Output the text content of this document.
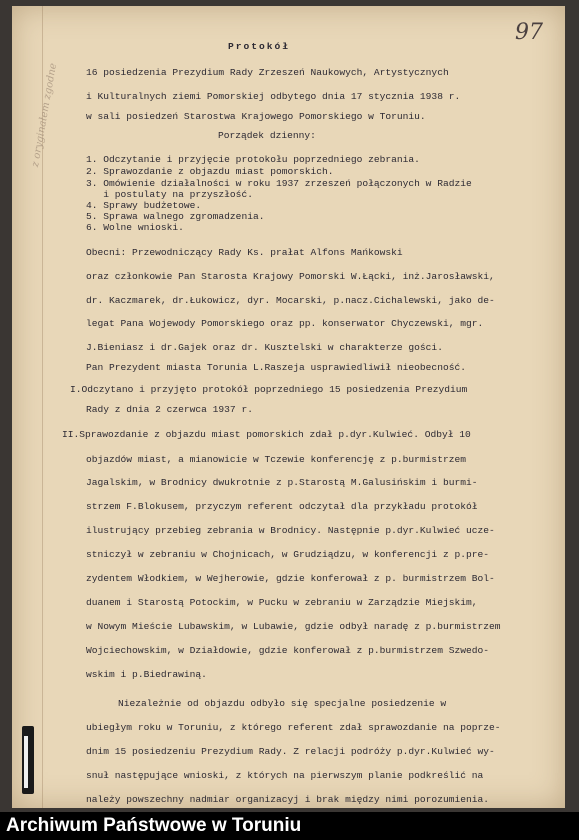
z oryginałem zgodne
97
Protokół
16 posiedzenia Prezydium Rady Zrzeszeń Naukowych, Artystycznych
i Kulturalnych ziemi Pomorskiej odbytego dnia 17 stycznia 1938 r.
w sali posiedzeń Starostwa Krajowego Pomorskiego w Toruniu.
Porządek dzienny:
1. Odczytanie i przyjęcie protokołu poprzedniego zebrania.
2. Sprawozdanie z objazdu miast pomorskich.
3. Omówienie działalności w roku 1937 zrzeszeń połączonych w Radzie
i postulaty na przyszłość.
4. Sprawy budżetowe.
5. Sprawa walnego zgromadzenia.
6. Wolne wnioski.
Obecni: Przewodniczący Rady Ks. prałat Alfons Mańkowski
oraz członkowie Pan Starosta Krajowy Pomorski W.Łącki, inż.Jarosławski,
dr. Kaczmarek, dr.Łukowicz, dyr. Mocarski, p.nacz.Cichalewski, jako de-
legat Pana Wojewody Pomorskiego oraz pp. konserwator Chyczewski, mgr.
J.Bieniasz i dr.Gajek oraz dr. Kusztelski w charakterze gości.
Pan Prezydent miasta Torunia L.Raszeja usprawiedliwił nieobecność.
I.Odczytano i przyjęto protokół poprzedniego 15 posiedzenia Prezydium
Rady z dnia 2 czerwca 1937 r.
II.Sprawozdanie z objazdu miast pomorskich zdał p.dyr.Kulwieć. Odbył 10
objazdów miast, a mianowicie w Tczewie konferencję z p.burmistrzem
Jagalskim, w Brodnicy dwukrotnie z p.Starostą M.Galusińskim i burmi-
strzem F.Blokusem, przyczym referent odczytał dla przykładu protokół
ilustrujący przebieg zebrania w Brodnicy. Następnie p.dyr.Kulwieć ucze-
stniczył w zebraniu w Chojnicach, w Grudziądzu, w konferencji z p.pre-
zydentem Włodkiem, w Wejherowie, gdzie konferował z p. burmistrzem Bol-
duanem i Starostą Potockim, w Pucku w zebraniu w Zarządzie Miejskim,
w Nowym Mieście Lubawskim, w Lubawie, gdzie odbył naradę z p.burmistrzem
Wojciechowskim, w Działdowie, gdzie konferował z p.burmistrzem Szwedo-
wskim i p.Biedrawiną.
Niezależnie od objazdu odbyło się specjalne posiedzenie w
ubiegłym roku w Toruniu, z którego referent zdał sprawozdanie na poprze-
dnim 15 posiedzeniu Prezydium Rady. Z relacji podróży p.dyr.Kulwieć wy-
snuł następujące wnioski, z których na pierwszym planie podkreślić na
należy powszechny nadmiar organizacyj i brak między nimi porozumienia.
Archiwum Państwowe w Toruniu
